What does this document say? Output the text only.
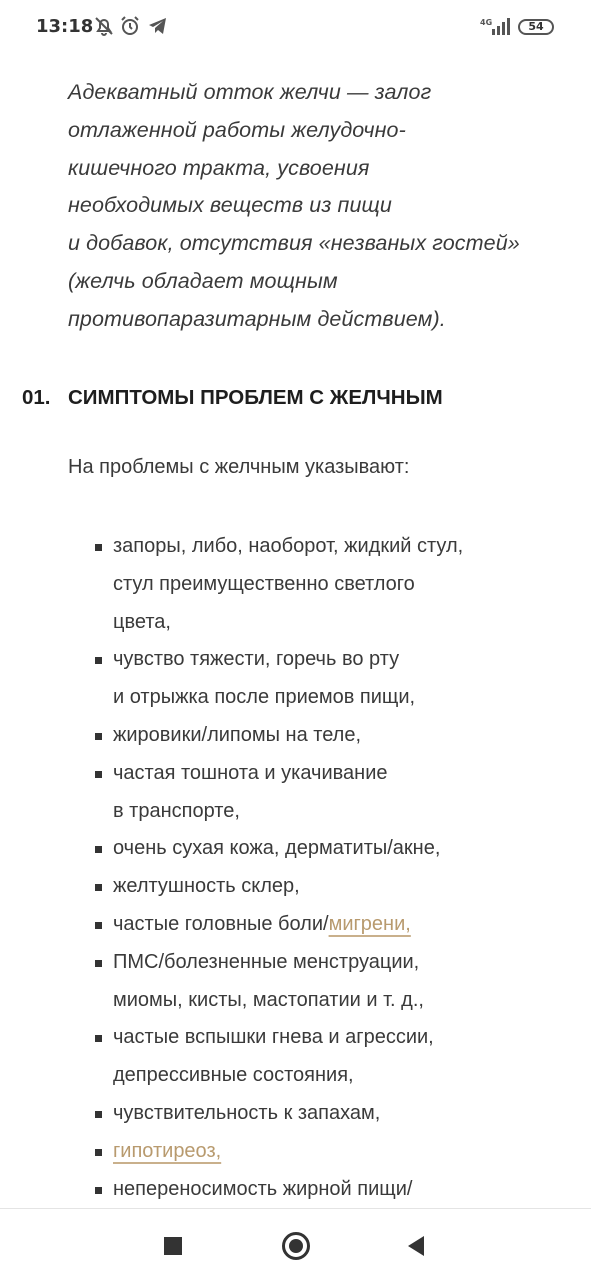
13:18	4G	54
Адекватный отток желчи — залог
отлаженной работы желудочно-
кишечного тракта, усвоения
необходимых веществ из пищи
и добавок, отсутствия «незваных гостей»
(желчь обладает мощным
противопаразитарным действием).
01. СИМПТОМЫ ПРОБЛЕМ С ЖЕЛЧНЫМ
На проблемы с желчным указывают:
запоры, либо, наоборот, жидкий стул,
стул преимущественно светлого
цвета,
чувство тяжести, горечь во рту
и отрыжка после приемов пищи,
жировики/липомы на теле,
частая тошнота и укачивание
в транспорте,
очень сухая кожа, дерматиты/акне,
желтушность склер,
частые головные боли/мигрени,
ПМС/болезненные менструации,
миомы, кисты, мастопатии и т. д.,
частые вспышки гнева и агрессии,
депрессивные состояния,
чувствительность к запахам,
гипотиреоз,
непереносимость жирной пищи/
